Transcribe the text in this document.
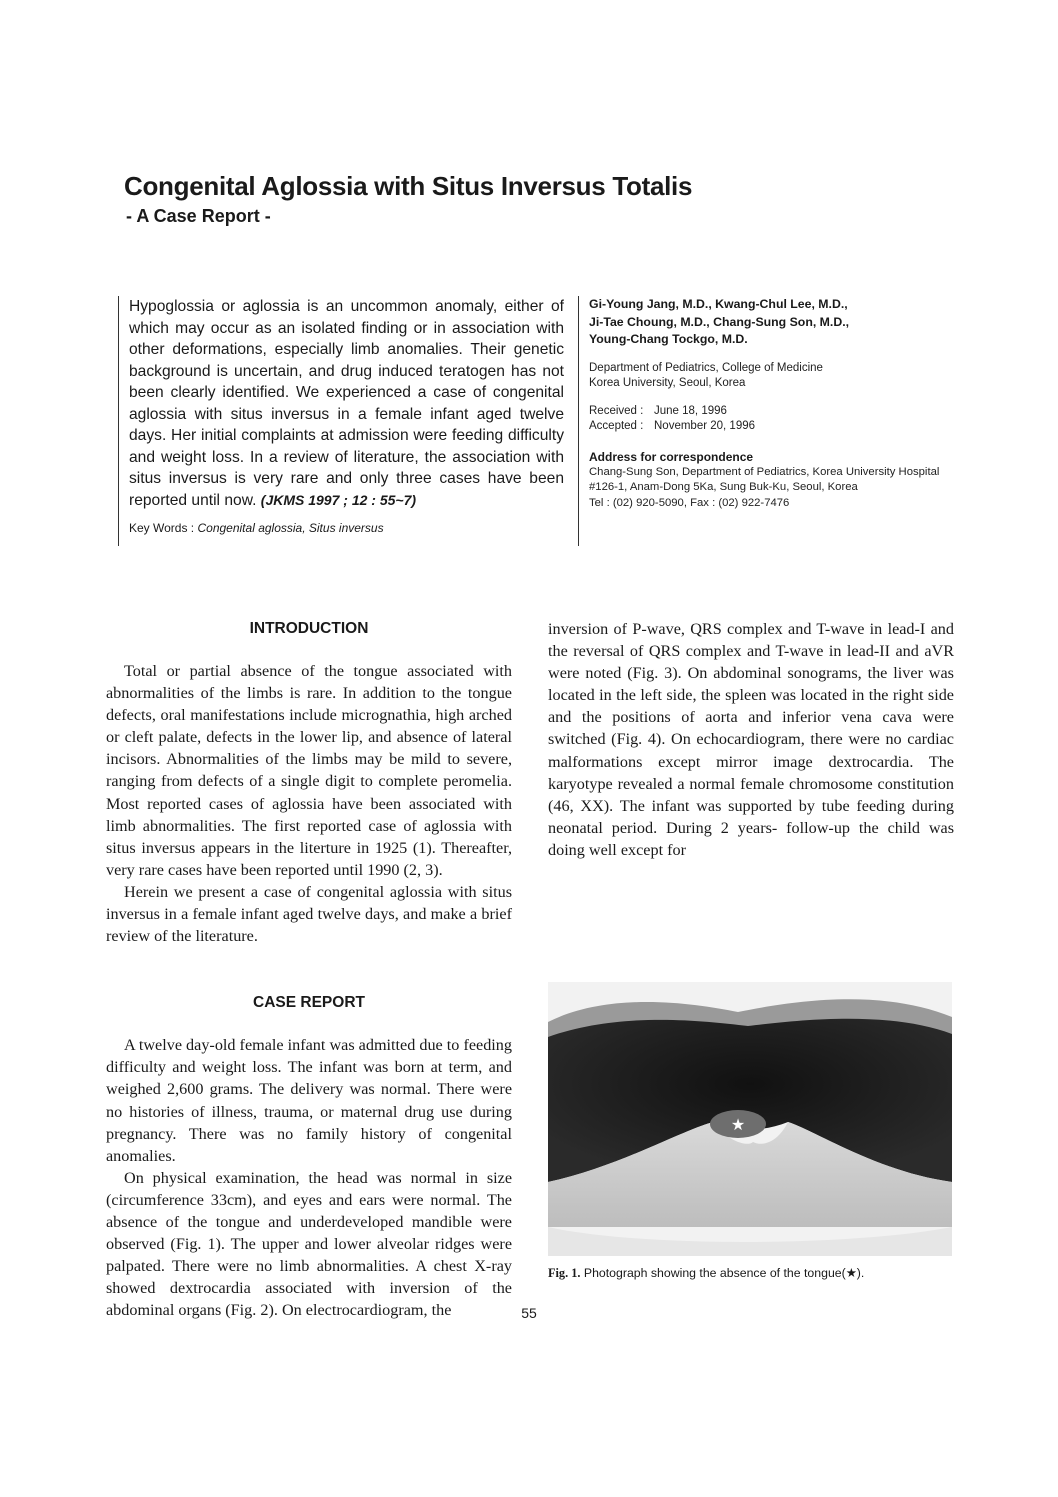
Congenital Aglossia with Situs Inversus Totalis
- A Case Report -

Hypoglossia or aglossia is an uncommon anomaly, either of which may occur as an isolated finding or in association with other deformations, especially limb anomalies. Their genetic background is uncertain, and drug induced teratogen has not been clearly identified. We experienced a case of congenital aglossia with situs inversus in a female infant aged twelve days. Her initial complaints at admission were feeding difficulty and weight loss. In a review of literature, the association with situs inversus is very rare and only three cases have been reported until now. (JKMS 1997 ; 12 : 55~7)

Key Words : Congenital aglossia, Situs inversus
Gi-Young Jang, M.D., Kwang-Chul Lee, M.D.,
Ji-Tae Choung, M.D., Chang-Sung Son, M.D.,
Young-Chang Tockgo, M.D.
Department of Pediatrics, College of Medicine
Korea University, Seoul, Korea
Received : June 18, 1996
Accepted : November 20, 1996
Address for correspondence
Chang-Sung Son, Department of Pediatrics, Korea University Hospital
#126-1, Anam-Dong 5Ka, Sung Buk-Ku, Seoul, Korea
Tel : (02) 920-5090, Fax : (02) 922-7476
INTRODUCTION

Total or partial absence of the tongue associated with abnormalities of the limbs is rare. In addition to the tongue defects, oral manifestations include micrognathia, high arched or cleft palate, defects in the lower lip, and absence of lateral incisors. Abnormalities of the limbs may be mild to severe, ranging from defects of a single digit to complete peromelia. Most reported cases of aglossia have been associated with limb abnormalities. The first reported case of aglossia with situs inversus appears in the literture in 1925 (1). Thereafter, very rare cases have been reported until 1990 (2, 3).

Herein we present a case of congenital aglossia with situs inversus in a female infant aged twelve days, and make a brief review of the literature.

CASE REPORT

A twelve day-old female infant was admitted due to feeding difficulty and weight loss. The infant was born at term, and weighed 2,600 grams. The delivery was normal. There were no histories of illness, trauma, or maternal drug use during pregnancy. There was no family history of congenital anomalies.

On physical examination, the head was normal in size (circumference 33cm), and eyes and ears were normal. The absence of the tongue and underdeveloped mandible were observed (Fig. 1). The upper and lower alveolar ridges were palpated. There were no limb abnormalities. A chest X-ray showed dextrocardia associated with inversion of the abdominal organs (Fig. 2). On electrocardiogram, the

inversion of P-wave, QRS complex and T-wave in lead-I and the reversal of QRS complex and T-wave in lead-II and aVR were noted (Fig. 3). On abdominal sonograms, the liver was located in the left side, the spleen was located in the right side and the positions of aorta and inferior vena cava were switched (Fig. 4). On echocardiogram, there were no cardiac malformations except mirror image dextrocardia. The karyotype revealed a normal female chromosome constitution (46, XX). The infant was supported by tube feeding during neonatal period. During 2 years- follow-up the child was doing well except for

★
Fig. 1. Photograph showing the absence of the tongue(★).
55
